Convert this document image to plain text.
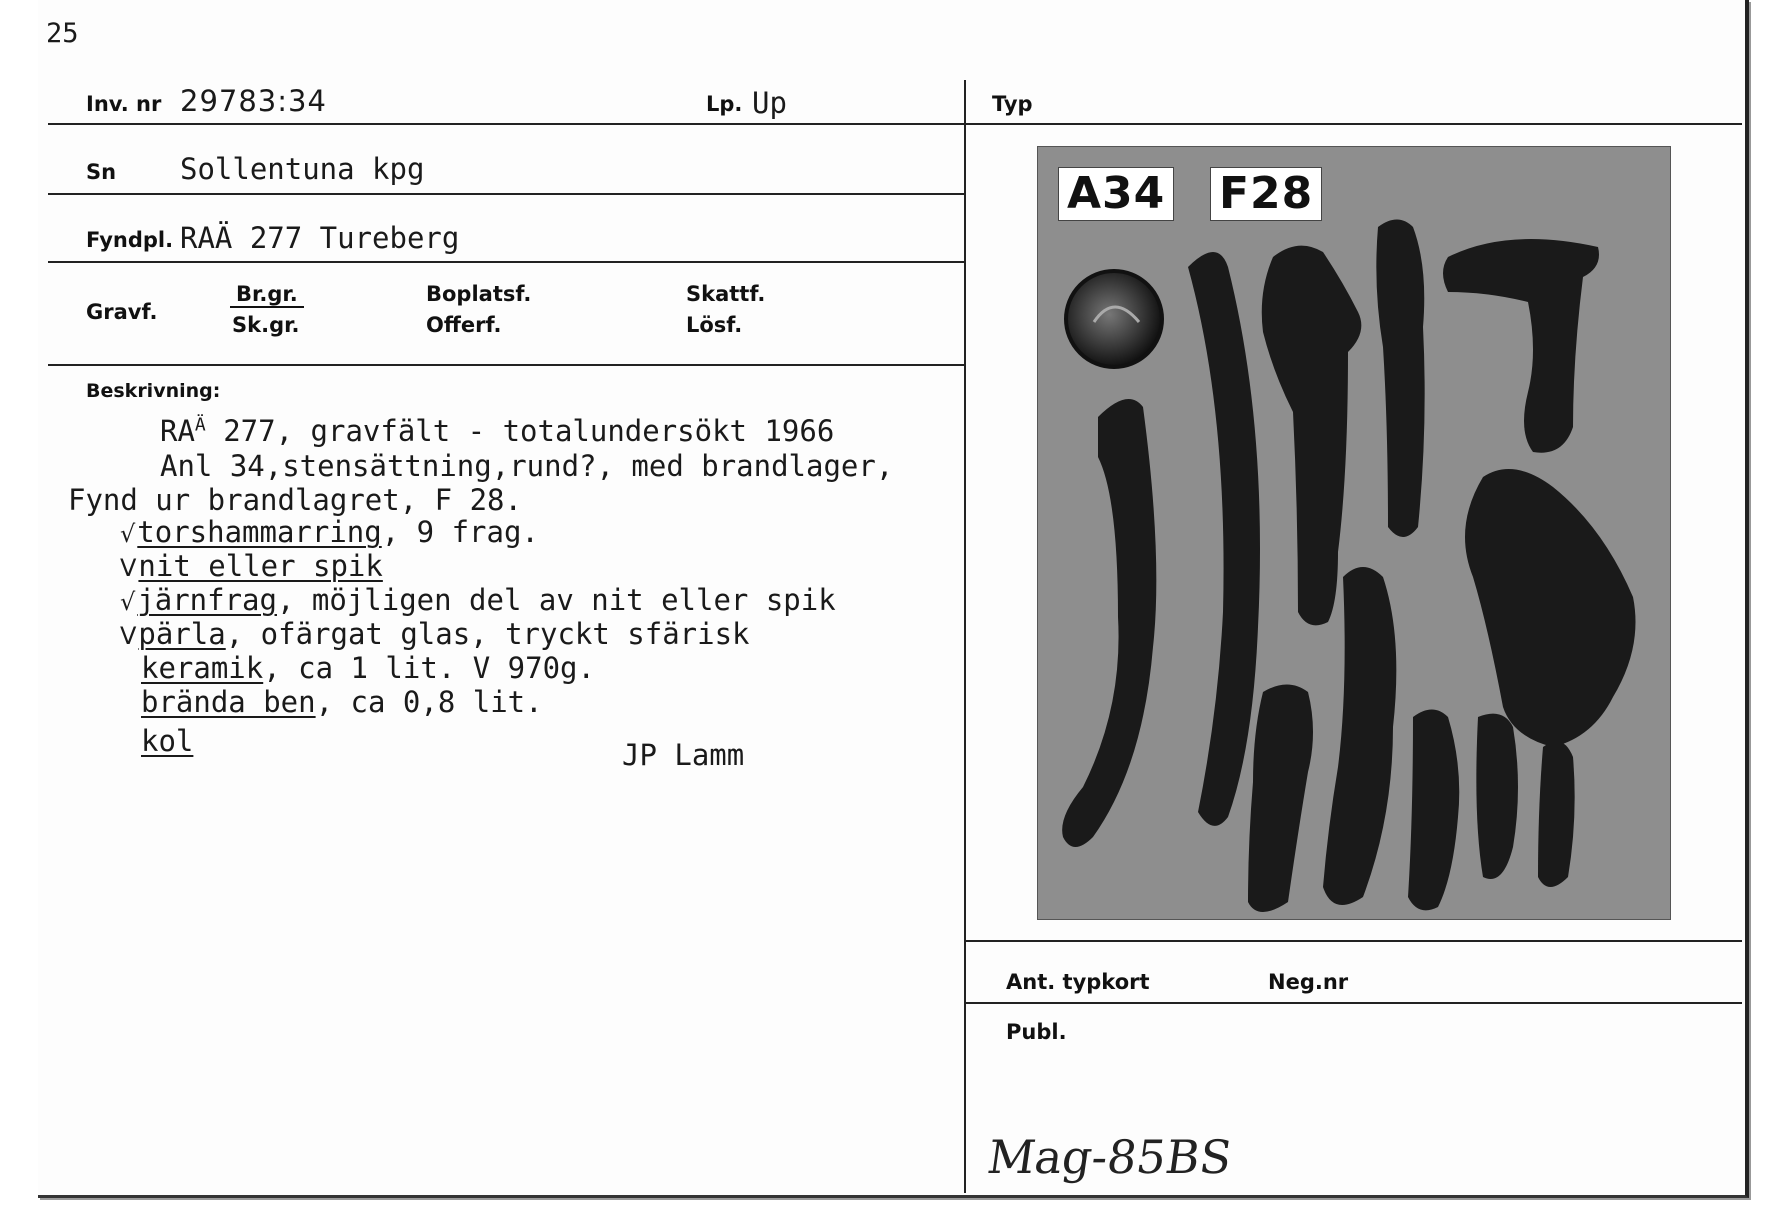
25
Inv. nr 29783:34	Lp. Up	Typ
Sn Sollentuna kpg
Fyndpl. RAÄ 277 Tureberg
Gravf.
Br.gr.
Sk.gr.
Boplatsf.
Offerf.
Skattf.
Lösf.
Beskrivning:
$RA^Ä$ 277, gravfält - totalundersökt 1966
Anl 34,stensättning,rund?, med brandlager,
Fynd ur brandlagret, F 28.
√torshammarring, 9 frag.
Vnit eller spik
√järnfrag, möjligen del av nit eller spik
Vpärla, ofärgat glas, tryckt sfärisk
keramik, ca 1 lit. V 970g.
brända ben, ca 0,8 lit.
kol	JP Lamm
A34 F28
Ant. typkort	Neg.nr
Publ.
Mag-85BS
